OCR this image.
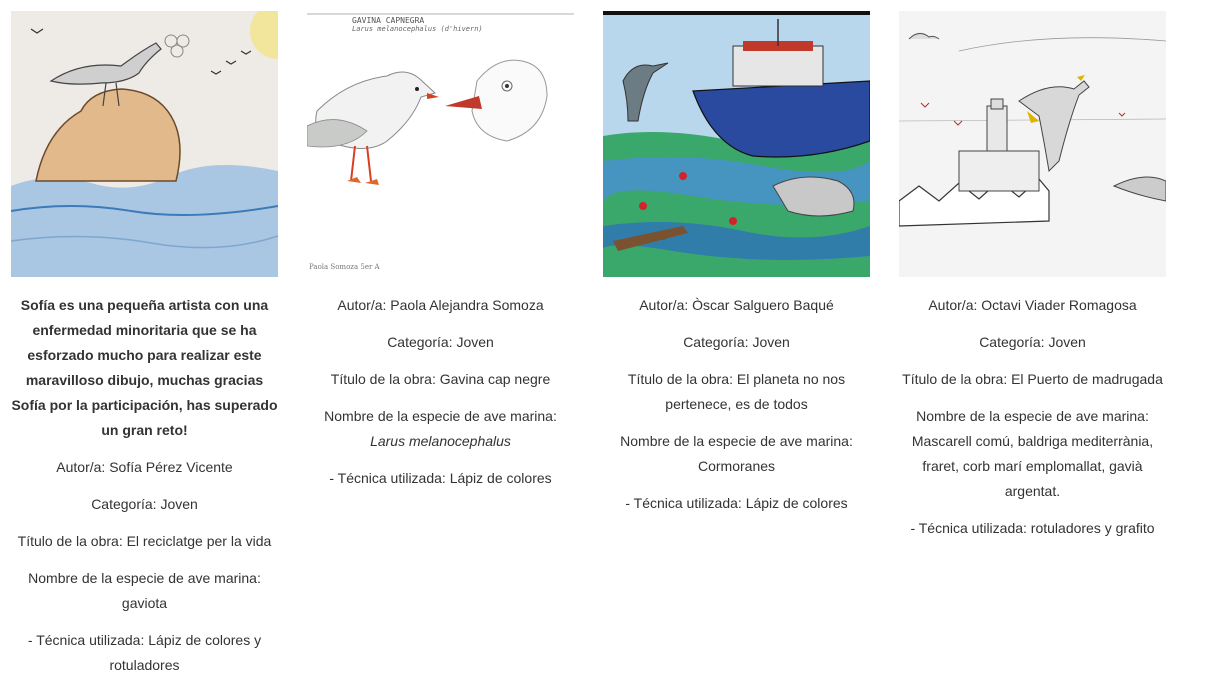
Sofía es una pequeña artista con una enfermedad minoritaria que se ha esforzado mucho para realizar este maravilloso dibujo, muchas gracias Sofía por la participación, has superado un gran reto!

Autor/a: Sofía Pérez Vicente

Categoría: Joven

Título de la obra: El reciclatge per la vida

Nombre de la especie de ave marina:
gaviota

- Técnica utilizada: Lápiz de colores y rotuladores

GAVINA CAPNEGRA
Larus melanocephalus (d'hivern)
Paola Somoza 5er A

Autor/a: Paola Alejandra Somoza

Categoría: Joven

Título de la obra: Gavina cap negre

Nombre de la especie de ave marina:
Larus melanocephalus

- Técnica utilizada: Lápiz de colores

Autor/a: Òscar Salguero Baqué

Categoría: Joven

Título de la obra: El planeta no nos pertenece, es de todos

Nombre de la especie de ave marina:
Cormoranes

- Técnica utilizada: Lápiz de colores

Autor/a: Octavi Viader Romagosa

Categoría: Joven

Título de la obra: El Puerto de madrugada

Nombre de la especie de ave marina:
Mascarell comú, baldriga mediterrània, fraret, corb marí emplomallat, gavià argentat.

- Técnica utilizada: rotuladores y grafito
